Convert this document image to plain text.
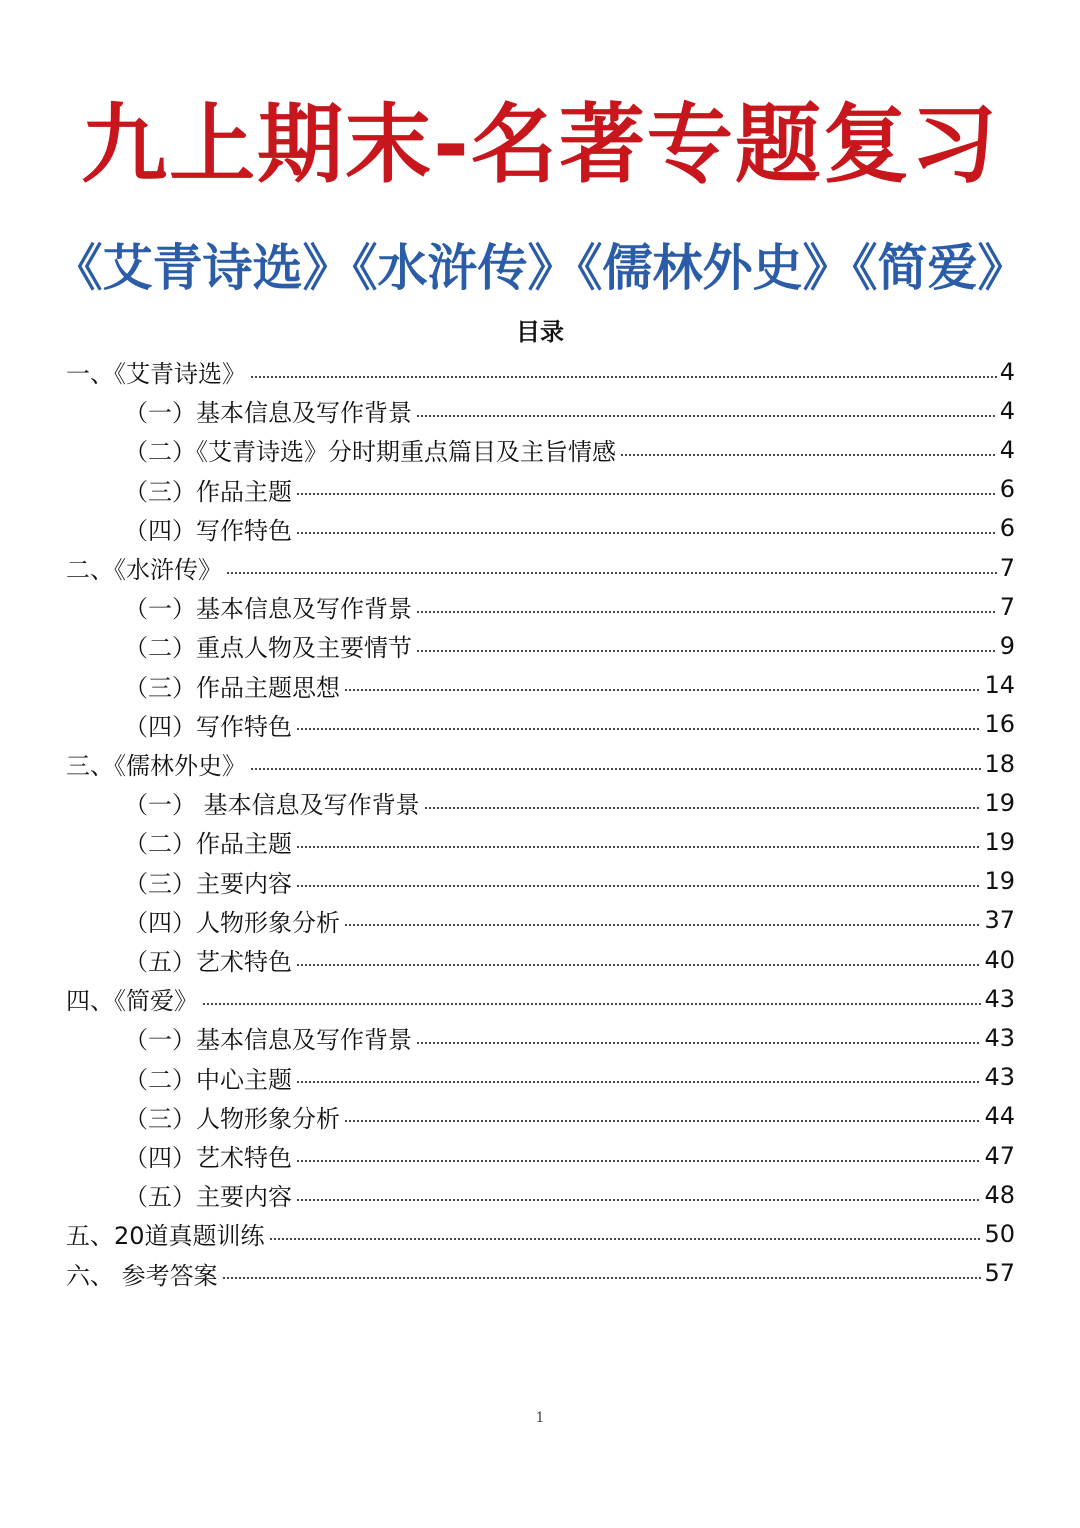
九上期末-名著专题复习
《艾青诗选》《水浒传》《儒林外史》《简爱》
目录
一、《艾青诗选》	4
（一）基本信息及写作背景	4
（二）《艾青诗选》分时期重点篇目及主旨情感	4
（三）作品主题	6
（四）写作特色	6
二、《水浒传》	7
（一）基本信息及写作背景	7
（二）重点人物及主要情节	9
（三）作品主题思想	14
（四）写作特色	16
三、《儒林外史》	18
（一） 基本信息及写作背景	19
（二）作品主题	19
（三）主要内容	19
（四）人物形象分析	37
（五）艺术特色	40
四、《简爱》	43
（一）基本信息及写作背景	43
（二）中心主题	43
（三）人物形象分析	44
（四）艺术特色	47
（五）主要内容	48
五、20道真题训练	50
六、 参考答案	57
1
